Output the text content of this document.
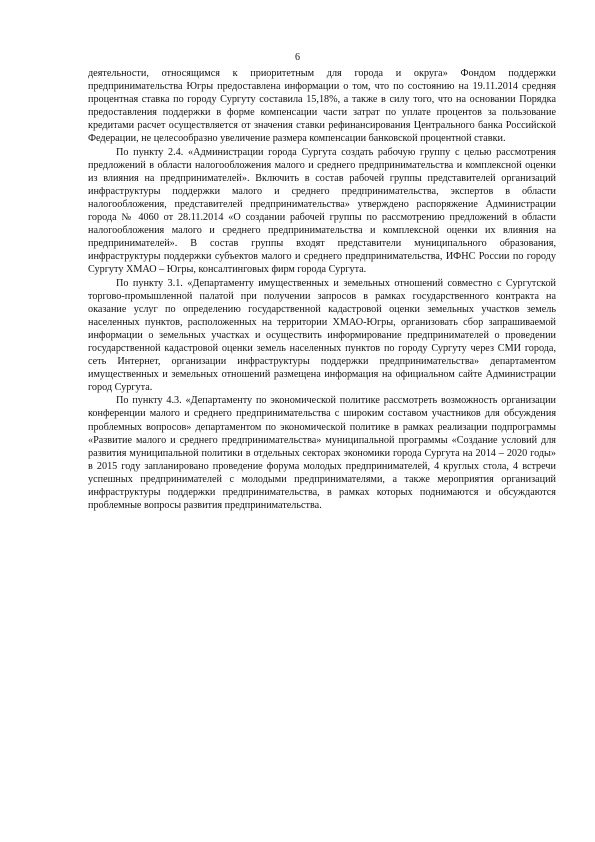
6

деятельности, относящимся к приоритетным для города и округа» Фондом поддержки предпринимательства Югры предоставлена информации о том, что по состоянию на 19.11.2014 средняя процентная ставка по городу Сургуту составила 15,18%, а также в силу того, что на основании Порядка предоставления поддержки в форме компенсации части затрат по уплате процентов за пользование кредитами расчет осуществляется от значения ставки рефинансирования Центрального банка Российской Федерации, не целесообразно увеличение размера компенсации банковской процентной ставки.

По пункту 2.4. «Администрации города Сургута создать рабочую группу с целью рассмотрения предложений в области налогообложения малого и среднего предпринимательства и комплексной оценки из влияния на предпринимателей». Включить в состав рабочей группы представителей организаций инфраструктуры поддержки малого и среднего предпринимательства, экспертов в области налогообложения, представителей предпринимательства» утверждено распоряжение Администрации города № 4060 от 28.11.2014 «О создании рабочей группы по рассмотрению предложений в области налогообложения малого и среднего предпринимательства и комплексной оценки их влияния на предпринимателей». В состав группы входят представители муниципального образования, инфраструктуры поддержки субъектов малого и среднего предпринимательства, ИФНС России по городу Сургуту ХМАО – Югры, консалтинговых фирм города Сургута.

По пункту 3.1. «Департаменту имущественных и земельных отношений совместно с Сургутской торгово-промышленной палатой при получении запросов в рамках государственного контракта на оказание услуг по определению государственной кадастровой оценки земельных участков земель населенных пунктов, расположенных на территории ХМАО-Югры, организовать сбор запрашиваемой информации о земельных участках и осуществить информирование предпринимателей о проведении государственной кадастровой оценки земель населенных пунктов по городу Сургуту через СМИ города, сеть Интернет, организации инфраструктуры поддержки предпринимательства» департаментом имущественных и земельных отношений размещена информация на официальном сайте Администрации город Сургута.

По пункту 4.3. «Департаменту по экономической политике рассмотреть возможность организации конференции малого и среднего предпринимательства с широким составом участников для обсуждения проблемных вопросов» департаментом по экономической политике в рамках реализации подпрограммы «Развитие малого и среднего предпринимательства» муниципальной программы «Создание условий для развития муниципальной политики в отдельных секторах экономики города Сургута на 2014 – 2020 годы» в 2015 году запланировано проведение форума молодых предпринимателей, 4 круглых стола, 4 встречи успешных предпринимателей с молодыми предпринимателями, а также мероприятия организаций инфраструктуры поддержки предпринимательства, в рамках которых поднимаются и обсуждаются проблемные вопросы развития предпринимательства.
